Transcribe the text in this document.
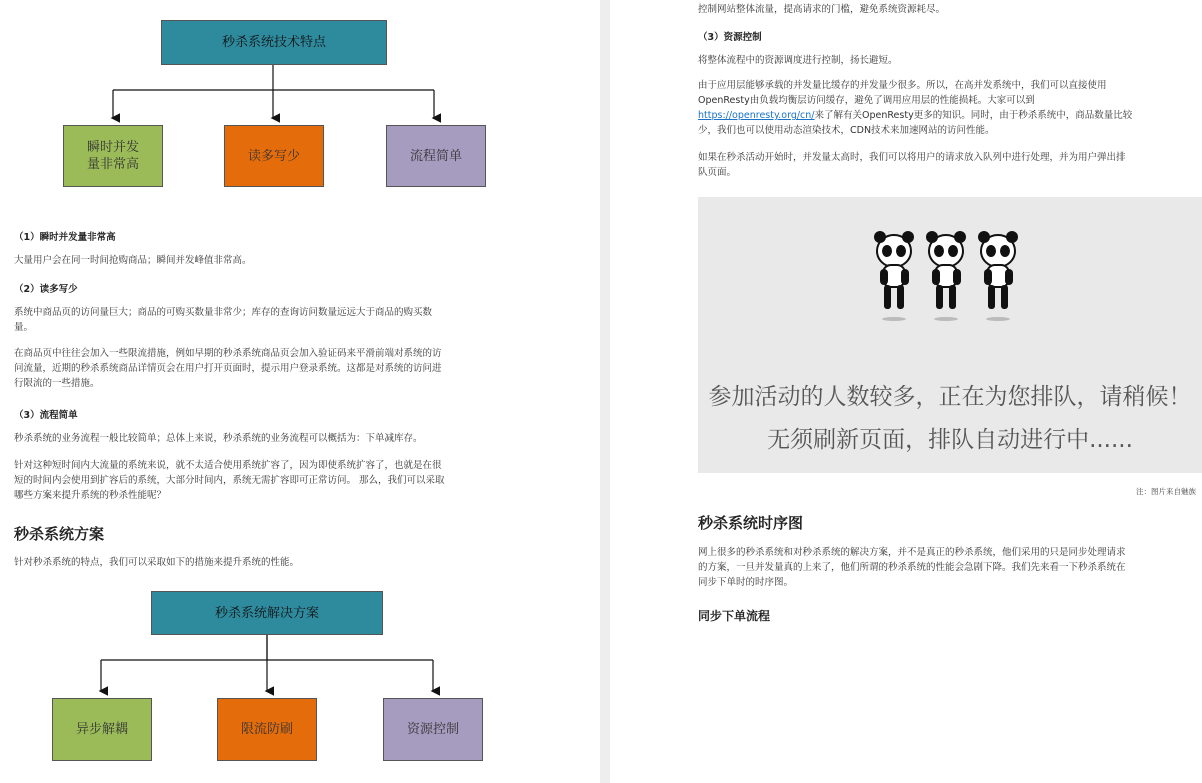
秒杀系统技术特点
瞬时并发
量非常高
读多写少	流程简单
（1）瞬时并发量非常高
大量用户会在同一时间抢购商品；瞬间并发峰值非常高。
（2）读多写少
系统中商品页的访问量巨大；商品的可购买数量非常少；库存的查询访问数量远远大于商品的购买数
量。
在商品页中往往会加入一些限流措施，例如早期的秒杀系统商品页会加入验证码来平滑前端对系统的访
问流量，近期的秒杀系统商品详情页会在用户打开页面时，提示用户登录系统。这都是对系统的访问进
行限流的一些措施。
（3）流程简单
秒杀系统的业务流程一般比较简单；总体上来说，秒杀系统的业务流程可以概括为：下单减库存。
针对这种短时间内大流量的系统来说，就不太适合使用系统扩容了，因为即使系统扩容了，也就是在很
短的时间内会使用到扩容后的系统，大部分时间内，系统无需扩容即可正常访问。 那么，我们可以采取
哪些方案来提升系统的秒杀性能呢？
秒杀系统方案
针对秒杀系统的特点，我们可以采取如下的措施来提升系统的性能。
秒杀系统解决方案
异步解耦	限流防刷	资源控制
控制网站整体流量，提高请求的门槛，避免系统资源耗尽。
（3）资源控制
将整体流程中的资源调度进行控制，扬长避短。
由于应用层能够承载的并发量比缓存的并发量少很多。所以，在高并发系统中，我们可以直接使用
OpenResty由负载均衡层访问缓存，避免了调用应用层的性能损耗。大家可以到
https://openresty.org/cn/来了解有关OpenResty更多的知识。同时，由于秒杀系统中，商品数量比较
少，我们也可以使用动态渲染技术，CDN技术来加速网站的访问性能。
如果在秒杀活动开始时，并发量太高时，我们可以将用户的请求放入队列中进行处理，并为用户弹出排
队页面。
参加活动的人数较多，正在为您排队，请稍候！
无须刷新页面，排队自动进行中......
注：图片来自魅族
秒杀系统时序图
网上很多的秒杀系统和对秒杀系统的解决方案，并不是真正的秒杀系统，他们采用的只是同步处理请求
的方案，一旦并发量真的上来了，他们所谓的秒杀系统的性能会急剧下降。我们先来看一下秒杀系统在
同步下单时的时序图。
同步下单流程
